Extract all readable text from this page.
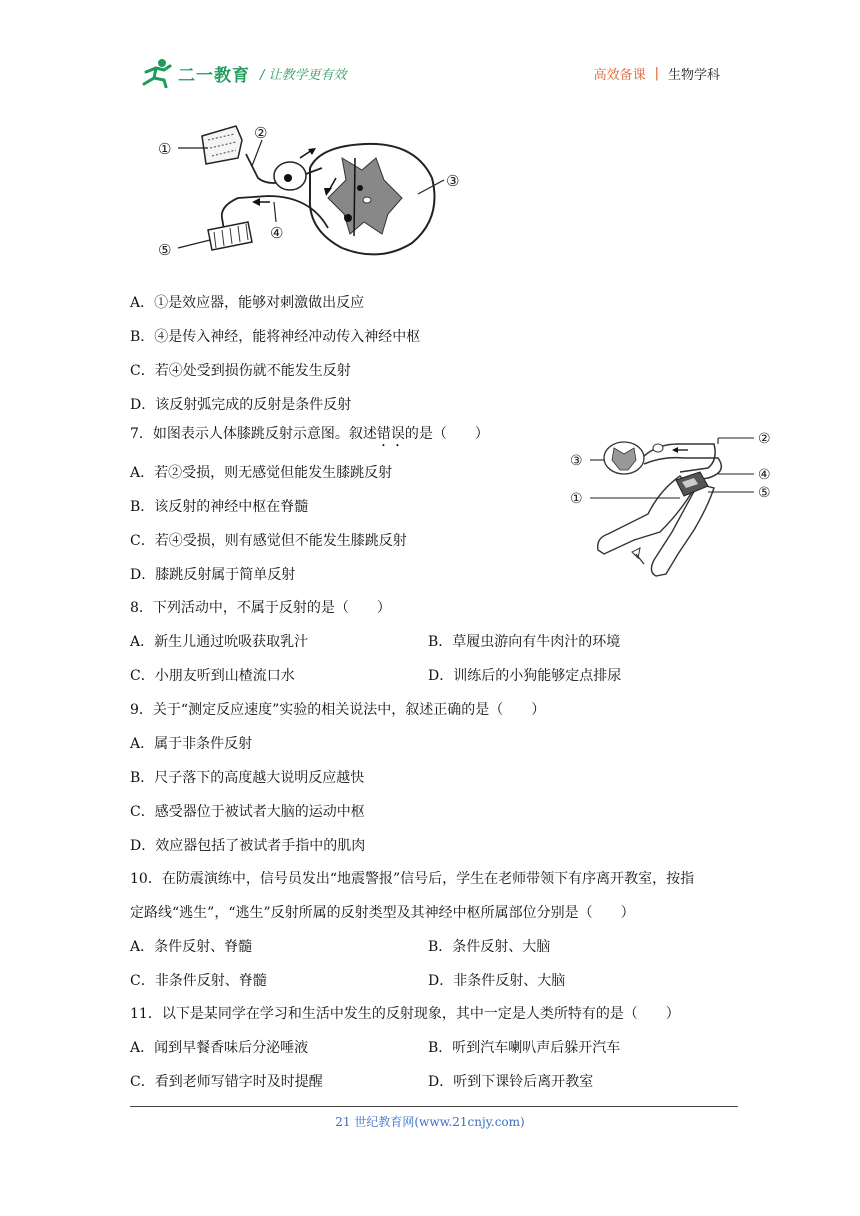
二一教育 / 让教学更有效	高效备课 | 生物学科
①
②
③
④
⑤
A．①是效应器，能够对刺激做出反应
B．④是传入神经，能将神经冲动传入神经中枢
C．若④处受到损伤就不能发生反射
D．该反射弧完成的反射是条件反射
7．如图表示人体膝跳反射示意图。叙述错误的是（　　）
A．若②受损，则无感觉但能发生膝跳反射
B．该反射的神经中枢在脊髓
C．若④受损，则有感觉但不能发生膝跳反射
D．膝跳反射属于简单反射
②
③
④
⑤
①
8．下列活动中，不属于反射的是（　　）
A．新生儿通过吮吸获取乳汁	B．草履虫游向有牛肉汁的环境
C．小朋友听到山楂流口水	D．训练后的小狗能够定点排尿
9．关于“测定反应速度”实验的相关说法中，叙述正确的是（　　）
A．属于非条件反射
B．尺子落下的高度越大说明反应越快
C．感受器位于被试者大脑的运动中枢
D．效应器包括了被试者手指中的肌肉
10．在防震演练中，信号员发出“地震警报”信号后，学生在老师带领下有序离开教室，按指
定路线“逃生”，“逃生”反射所属的反射类型及其神经中枢所属部位分别是（　　）
A．条件反射、脊髓	B．条件反射、大脑
C．非条件反射、脊髓	D．非条件反射、大脑
11．以下是某同学在学习和生活中发生的反射现象，其中一定是人类所特有的是（　　）
A．闻到早餐香味后分泌唾液	B．听到汽车喇叭声后躲开汽车
C．看到老师写错字时及时提醒	D．听到下课铃后离开教室
21 世纪教育网(www.21cnjy.com)
